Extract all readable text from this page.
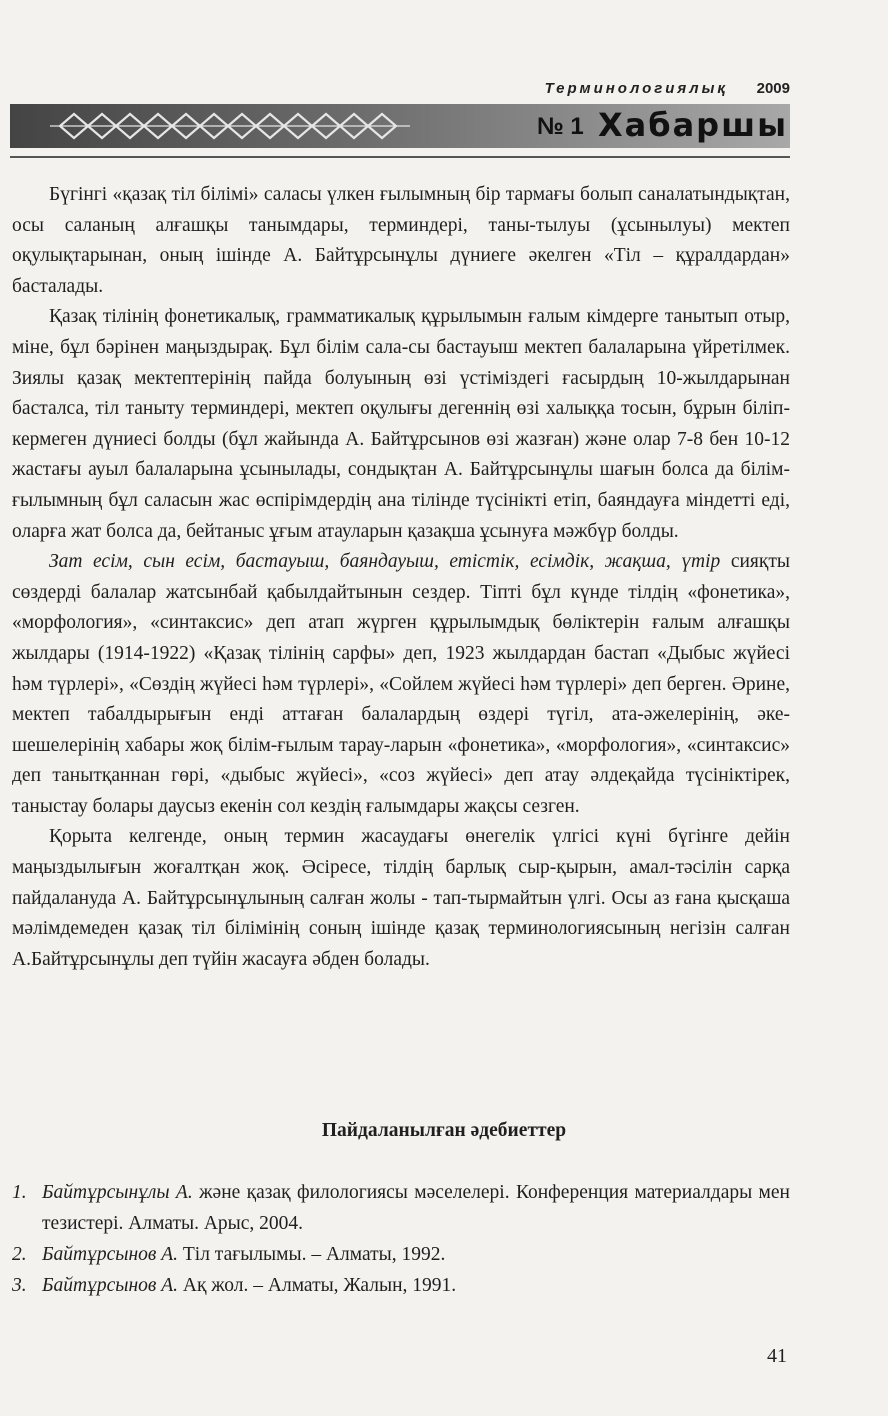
Терминологиялық 2009
№ 1 Хабаршы

Бүгінгі «қазақ тіл білімі» саласы үлкен ғылымның бір тармағы болып саналатындықтан, осы саланың алғашқы танымдары, терминдері, таны-тылуы (ұсынылуы) мектеп оқулықтарынан, оның ішінде А. Байтұрсынұлы дүниеге әкелген «Тіл – құралдардан» басталады.

Қазақ тілінің фонетикалық, грамматикалық құрылымын ғалым кімдерге танытып отыр, міне, бұл бәрінен маңыздырақ. Бұл білім сала-сы бастауыш мектеп балаларына үйретілмек. Зиялы қазақ мектептерінің пайда болуының өзі үстіміздегі ғасырдың 10-жылдарынан басталса, тіл таныту терминдері, мектеп оқулығы дегеннің өзі халыққа тосын, бұрын біліп-кермеген дүниесі болды (бұл жайында А. Байтұрсынов өзі жазған) және олар 7-8 бен 10-12 жастағы ауыл балаларына ұсынылады, сондықтан А. Байтұрсынұлы шағын болса да білім-ғылымның бұл саласын жас өспірімдердің ана тілінде түсінікті етіп, баяндауға міндетті еді, оларға жат болса да, бейтаныс ұғым атауларын қазақша ұсынуға мәжбүр болды.

Зат есім, сын есім, бастауыш, баяндауыш, етістік, есімдік, жақша, үтір сияқты сөздерді балалар жатсынбай қабылдайтынын сездер. Тіпті бұл күнде тілдің «фонетика», «морфология», «синтаксис» деп атап жүрген құрылымдық бөліктерін ғалым алғашқы жылдары (1914-1922) «Қазақ тілінің сарфы» деп, 1923 жылдардан бастап «Дыбыс жүйесі һәм түрлері», «Сөздің жүйесі һәм түрлері», «Сойлем жүйесі һәм түрлері» деп берген. Әрине, мектеп табалдырығын енді аттаған балалардың өздері түгіл, ата-әжелерінің, әке-шешелерінің хабары жоқ білім-ғылым тарау-ларын «фонетика», «морфология», «синтаксис» деп танытқаннан гөрі, «дыбыс жүйесі», «соз жүйесі» деп атау әлдеқайда түсініктірек, таныстау болары даусыз екенін сол кездің ғалымдары жақсы сезген.

Қорыта келгенде, оның термин жасаудағы өнегелік үлгісі күні бүгінге дейін маңыздылығын жоғалтқан жоқ. Әсіресе, тілдің барлық сыр-қырын, амал-тәсілін сарқа пайдалануда А. Байтұрсынұлының салған жолы - тап-тырмайтын үлгі. Осы аз ғана қысқаша мәлімдемеден қазақ тіл білімінің соның ішінде қазақ терминологиясының негізін салған А.Байтұрсынұлы деп түйін жасауға әбден болады.

Пайдаланылған әдебиеттер
1. Байтұрсынұлы А. және қазақ филологиясы мәселелері. Конференция материалдары мен тезистері. Алматы. Арыс, 2004.
2. Байтұрсынов А. Тіл тағылымы. – Алматы, 1992.
3. Байтұрсынов А. Ақ жол. – Алматы, Жалын, 1991.
41
